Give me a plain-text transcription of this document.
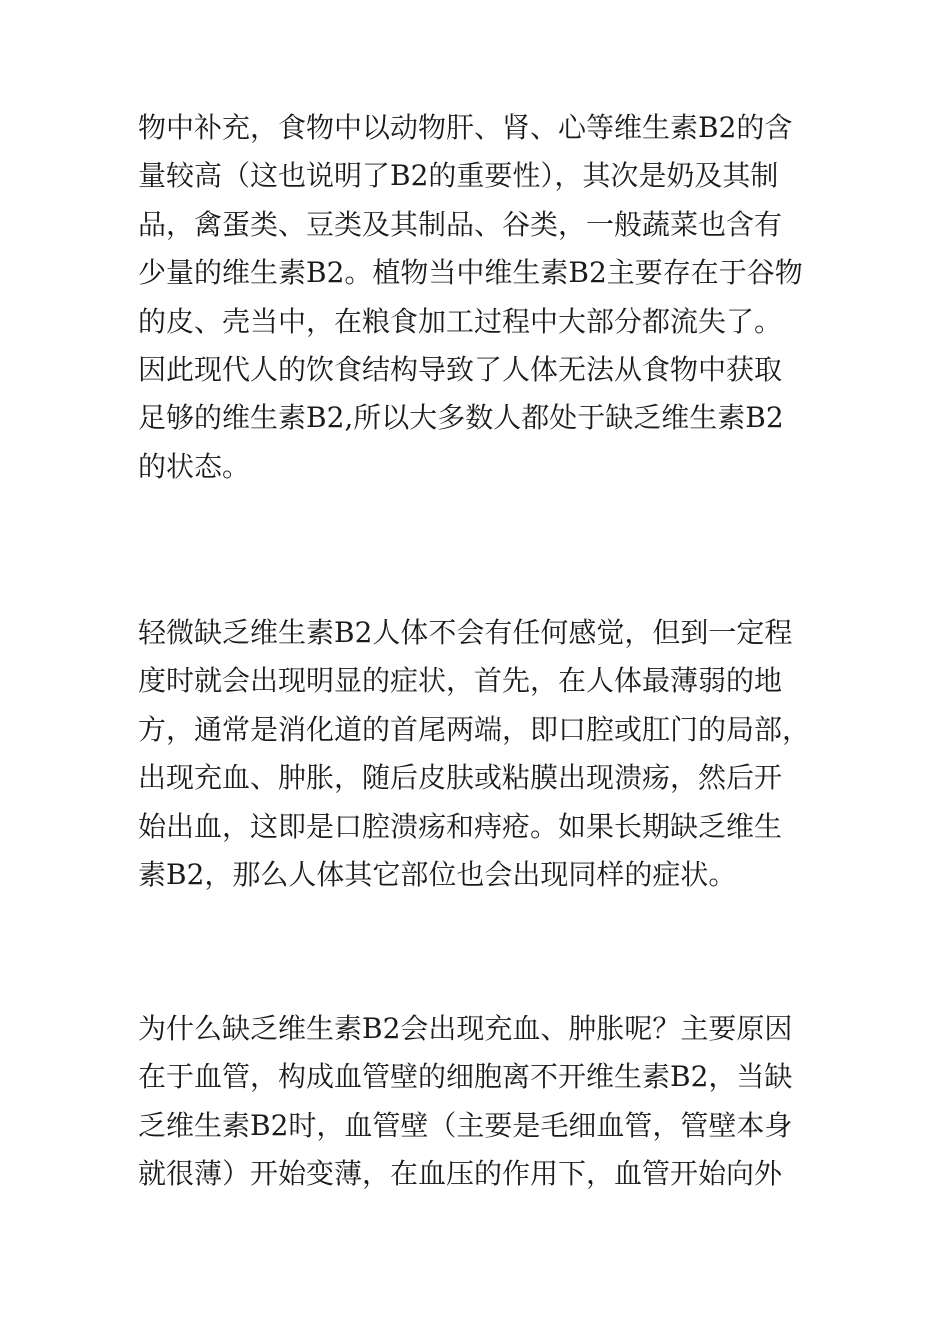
物中补充，食物中以动物肝、肾、心等维生素B2的含
量较高（这也说明了B2的重要性），其次是奶及其制
品，禽蛋类、豆类及其制品、谷类，一般蔬菜也含有
少量的维生素B2。植物当中维生素B2主要存在于谷物
的皮、壳当中，在粮食加工过程中大部分都流失了。
因此现代人的饮食结构导致了人体无法从食物中获取
足够的维生素B2,所以大多数人都处于缺乏维生素B2
的状态。

轻微缺乏维生素B2人体不会有任何感觉，但到一定程
度时就会出现明显的症状，首先，在人体最薄弱的地
方，通常是消化道的首尾两端，即口腔或肛门的局部，
出现充血、肿胀，随后皮肤或粘膜出现溃疡，然后开
始出血，这即是口腔溃疡和痔疮。如果长期缺乏维生
素B2，那么人体其它部位也会出现同样的症状。

为什么缺乏维生素B2会出现充血、肿胀呢？主要原因
在于血管，构成血管壁的细胞离不开维生素B2，当缺
乏维生素B2时，血管壁（主要是毛细血管，管壁本身
就很薄）开始变薄，在血压的作用下，血管开始向外
